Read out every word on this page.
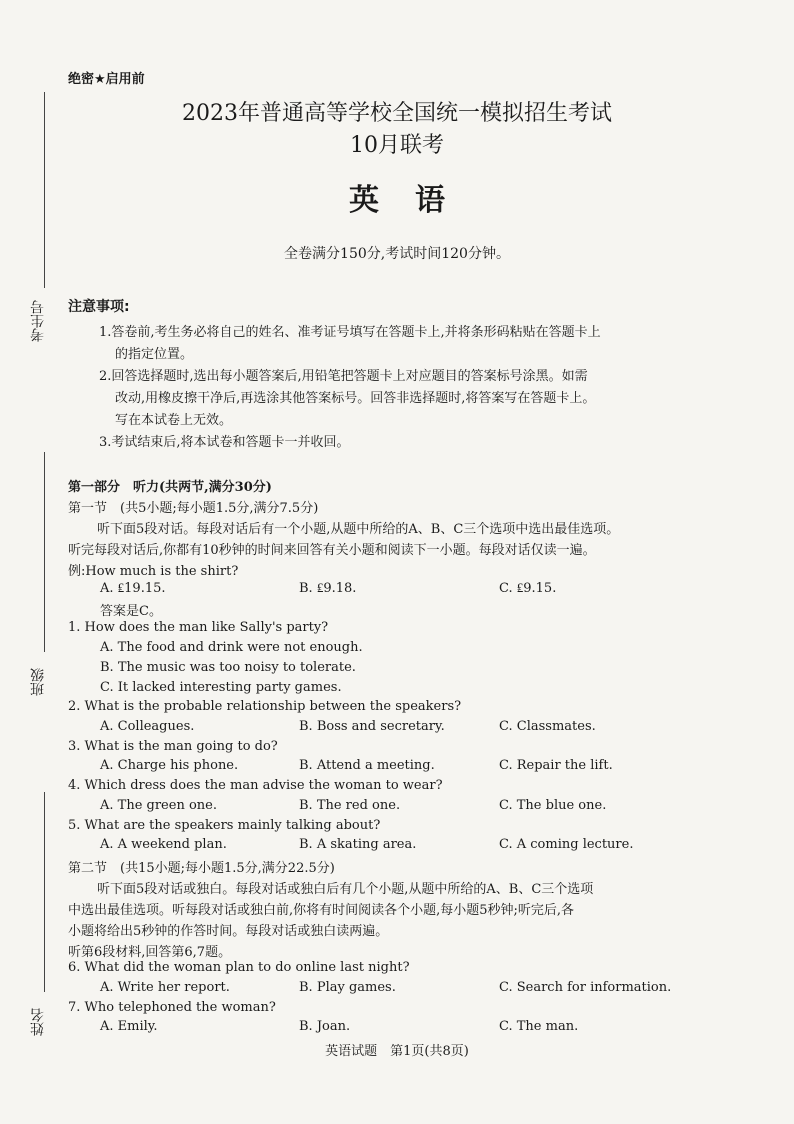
绝密★启用前
2023年普通高等学校全国统一模拟招生考试
10月联考
英语
全卷满分150分,考试时间120分钟。
考生号
班级
姓名
注意事项:
1.答卷前,考生务必将自己的姓名、准考证号填写在答题卡上,并将条形码粘贴在答题卡上
的指定位置。
2.回答选择题时,选出每小题答案后,用铅笔把答题卡上对应题目的答案标号涂黑。如需
改动,用橡皮擦干净后,再选涂其他答案标号。回答非选择题时,将答案写在答题卡上。
写在本试卷上无效。
3.考试结束后,将本试卷和答题卡一并收回。
第一部分　听力(共两节,满分30分)
第一节　(共5小题;每小题1.5分,满分7.5分)
听下面5段对话。每段对话后有一个小题,从题中所给的A、B、C三个选项中选出最佳选项。
听完每段对话后,你都有10秒钟的时间来回答有关小题和阅读下一小题。每段对话仅读一遍。
例:How much is the shirt?
A. ₤19.15.	B. ₤9.18.	C. ₤9.15.
答案是C。
1. How does the man like Sally's party?
A. The food and drink were not enough.
B. The music was too noisy to tolerate.
C. It lacked interesting party games.
2. What is the probable relationship between the speakers?
A. Colleagues.	B. Boss and secretary.	C. Classmates.
3. What is the man going to do?
A. Charge his phone.	B. Attend a meeting.	C. Repair the lift.
4. Which dress does the man advise the woman to wear?
A. The green one.	B. The red one.	C. The blue one.
5. What are the speakers mainly talking about?
A. A weekend plan.	B. A skating area.	C. A coming lecture.
第二节　(共15小题;每小题1.5分,满分22.5分)
听下面5段对话或独白。每段对话或独白后有几个小题,从题中所给的A、B、C三个选项
中选出最佳选项。听每段对话或独白前,你将有时间阅读各个小题,每小题5秒钟;听完后,各
小题将给出5秒钟的作答时间。每段对话或独白读两遍。
听第6段材料,回答第6,7题。
6. What did the woman plan to do online last night?
A. Write her report.	B. Play games.	C. Search for information.
7. Who telephoned the woman?
A. Emily.	B. Joan.	C. The man.
英语试题　第1页(共8页)
